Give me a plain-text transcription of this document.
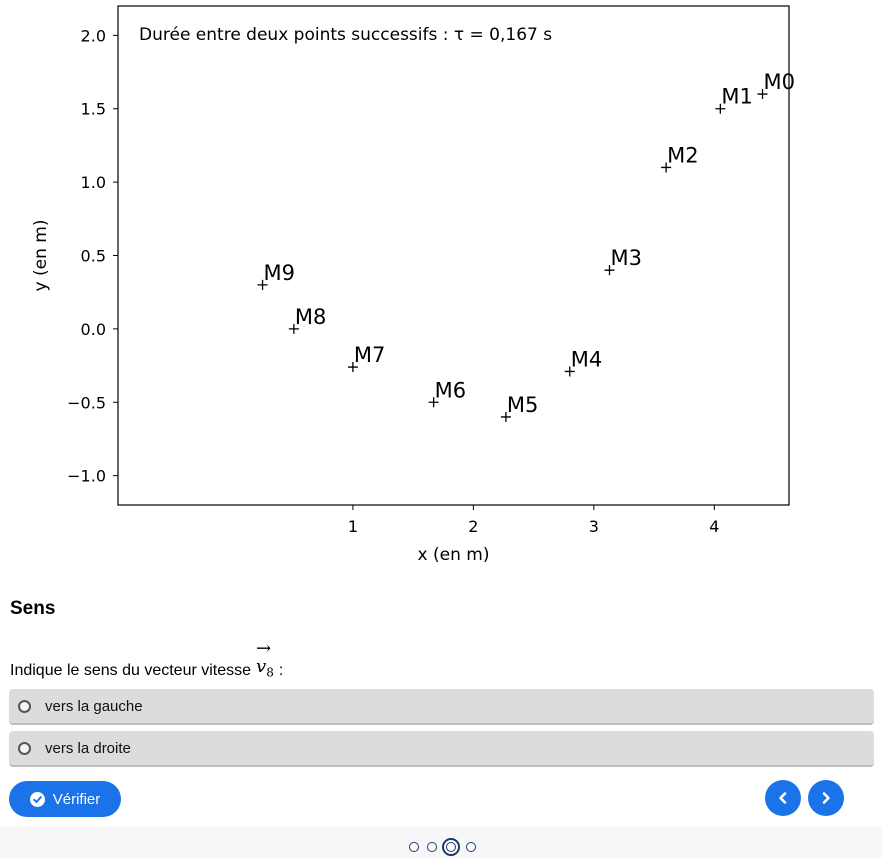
1	2	3	4
−1.0
−0.5
0.0
0.5
1.0
1.5
2.0
x (en m)
y (en m)
Durée entre deux points successifs : τ = 0,167 s
M0
M1
M2
M3
M4
M5
M6
M7
M8
M9
Sens
Indique le sens du vecteur vitesse
→
$v_8$ :
vers la gauche
vers la droite
Vérifier
